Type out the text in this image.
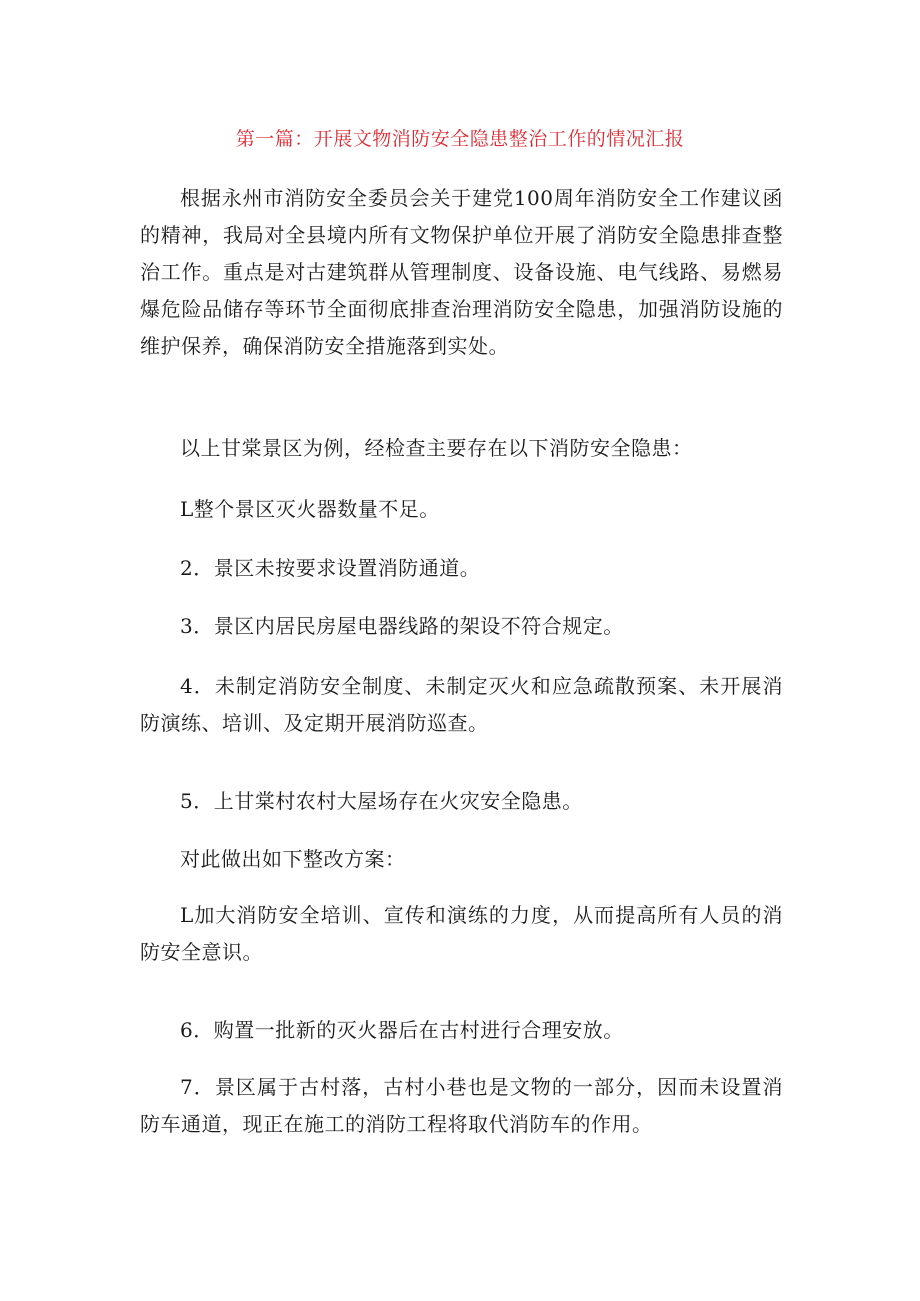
第一篇：开展文物消防安全隐患整治工作的情况汇报

根据永州市消防安全委员会关于建党100周年消防安全工作建议函的精神，我局对全县境内所有文物保护单位开展了消防安全隐患排查整治工作。重点是对古建筑群从管理制度、设备设施、电气线路、易燃易爆危险品储存等环节全面彻底排查治理消防安全隐患，加强消防设施的维护保养，确保消防安全措施落到实处。

以上甘棠景区为例，经检查主要存在以下消防安全隐患：

L整个景区灭火器数量不足。

2．景区未按要求设置消防通道。

3．景区内居民房屋电器线路的架设不符合规定。

4．未制定消防安全制度、未制定灭火和应急疏散预案、未开展消防演练、培训、及定期开展消防巡查。

5．上甘棠村农村大屋场存在火灾安全隐患。

对此做出如下整改方案：

L加大消防安全培训、宣传和演练的力度，从而提高所有人员的消防安全意识。

6．购置一批新的灭火器后在古村进行合理安放。

7．景区属于古村落，古村小巷也是文物的一部分，因而未设置消防车通道，现正在施工的消防工程将取代消防车的作用。
